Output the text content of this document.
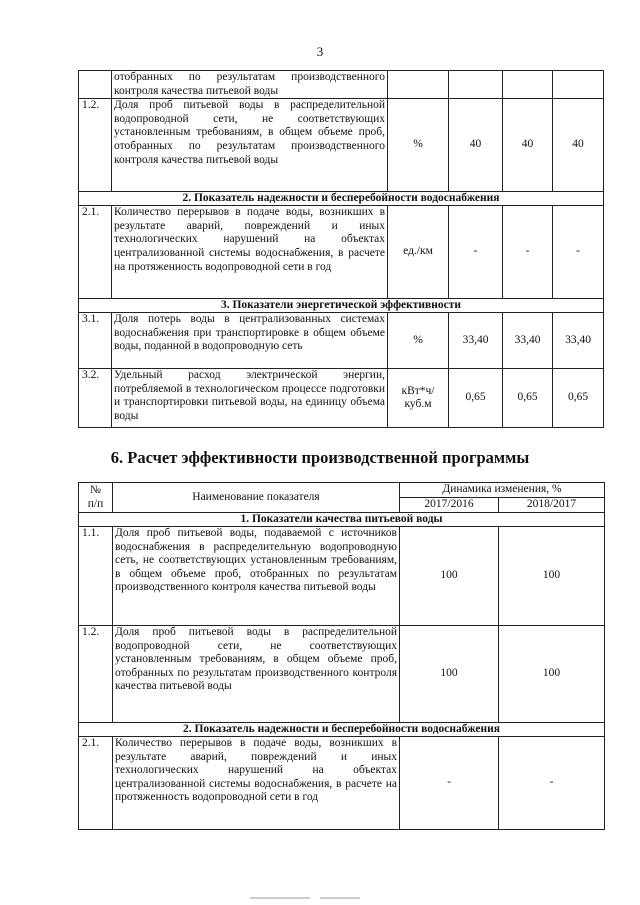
3
	отобранных по результатам производственного контроля качества питьевой воды				
1.2.	Доля проб питьевой воды в распределительной водопроводной сети, не соответствующих установленным требованиям, в общем объеме проб, отобранных по результатам производственного контроля качества питьевой воды	%	40	40	40
2. Показатель надежности и бесперебойности водоснабжения					
2.1.	Количество перерывов в подаче воды, возникших в результате аварий, повреждений и иных технологических нарушений на объектах централизованной системы водоснабжения, в расчете на протяженность водопроводной сети в год	ед./км	-	-	-
3. Показатели энергетической эффективности					
3.1.	Доля потерь воды в централизованных системах водоснабжения при транспортировке в общем объеме воды, поданной в водопроводную сеть	%	33,40	33,40	33,40
3.2.	Удельный расход электрической энергии, потребляемой в технологическом процессе подготовки и транспортировки питьевой воды, на единицу объема воды	кВт*ч/
куб.м	0,65	0,65	0,65
6. Расчет эффективности производственной программы
№
п/п	Наименование показателя	Динамика изменения, %	
		2017/2016	2018/2017
1. Показатели качества питьевой воды			
1.1.	Доля проб питьевой воды, подаваемой с источников водоснабжения в распределительную водопроводную сеть, не соответствующих установленным требованиям, в общем объеме проб, отобранных по результатам производственного контроля качества питьевой воды	100	100
1.2.	Доля проб питьевой воды в распределительной водопроводной сети, не соответствующих установленным требованиям, в общем объеме проб, отобранных по результатам производственного контроля качества питьевой воды	100	100
2. Показатель надежности и бесперебойности водоснабжения			
2.1.	Количество перерывов в подаче воды, возникших в результате аварий, повреждений и иных технологических нарушений на объектах централизованной системы водоснабжения, в расчете на протяженность водопроводной сети в год	-	-
